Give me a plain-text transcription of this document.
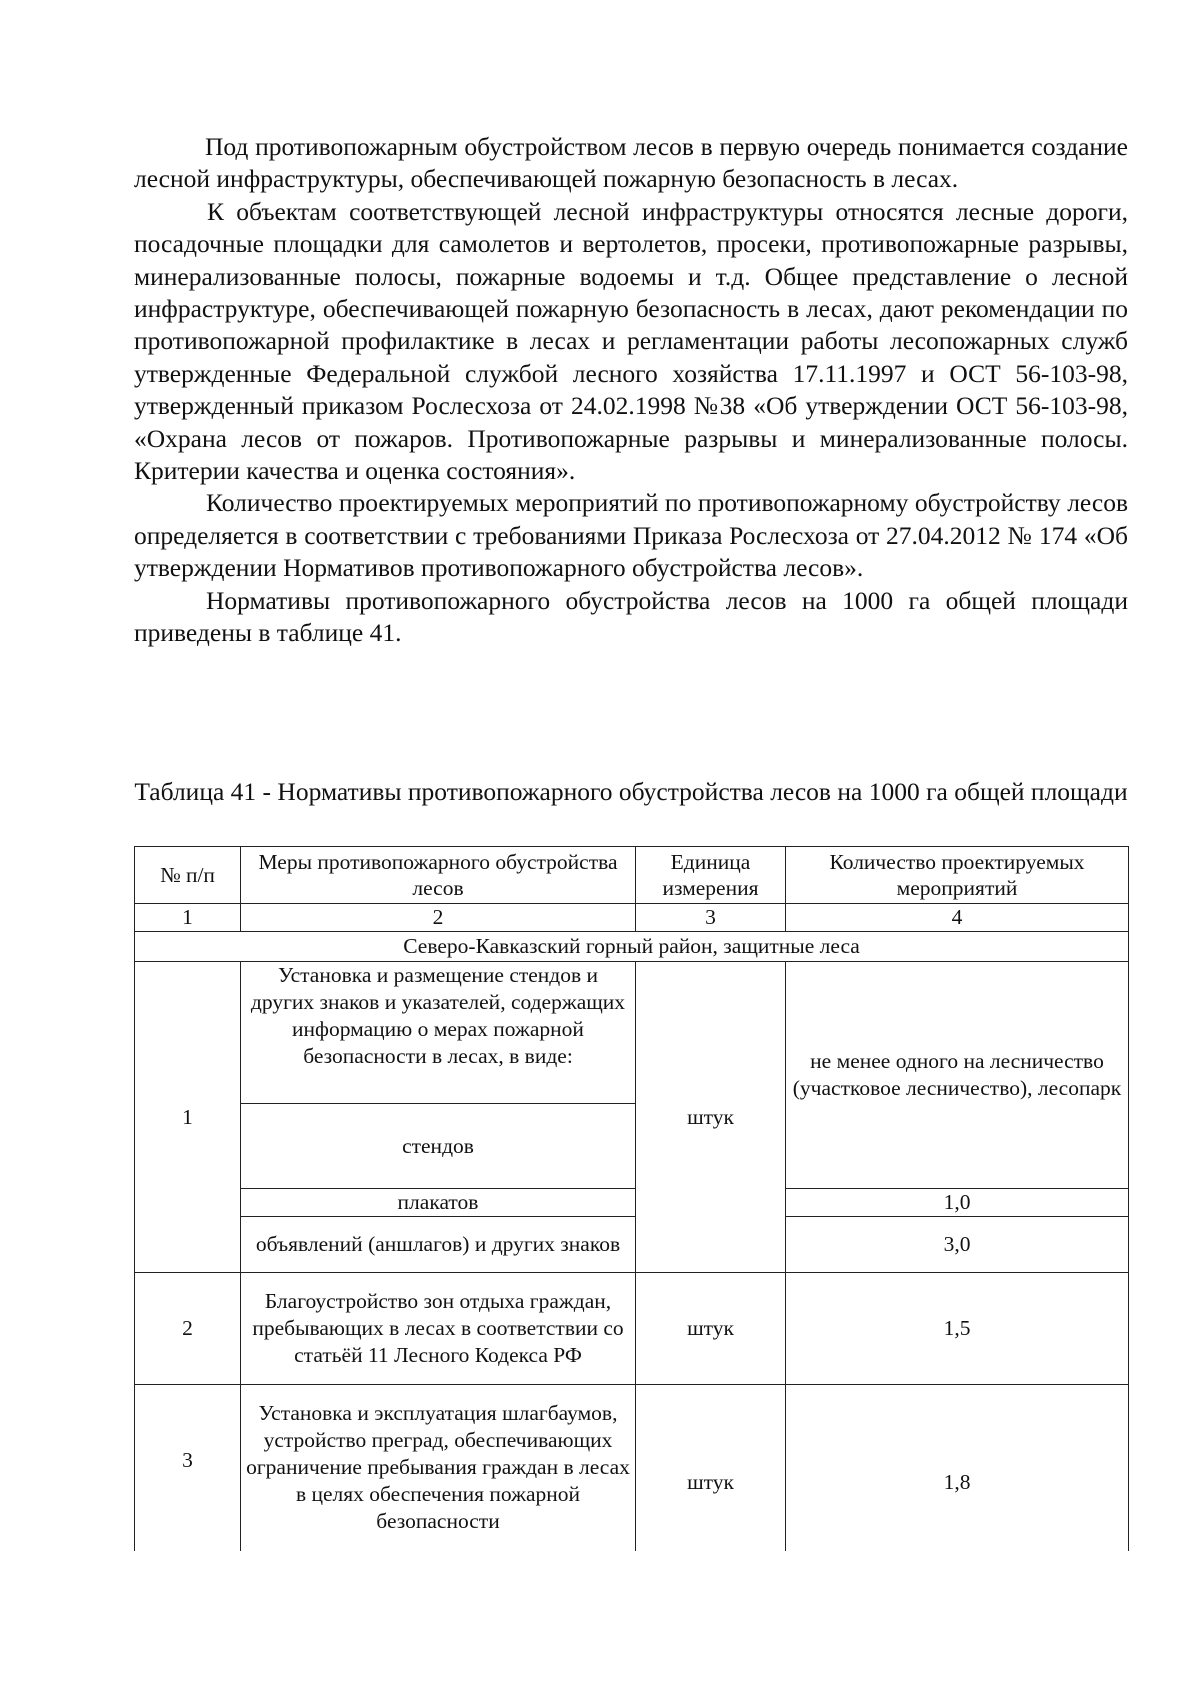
Под противопожарным обустройством лесов в первую очередь понимается создание лесной инфраструктуры, обеспечивающей пожарную безопасность в лесах.

К объектам соответствующей лесной инфраструктуры относятся лесные дороги, посадочные площадки для самолетов и вертолетов, просеки, противопожарные разрывы, минерализованные полосы, пожарные водоемы и т.д. Общее представление о лесной инфраструктуре, обеспечивающей пожарную безопасность в лесах, дают рекомендации по противопожарной профилактике в лесах и регламентации работы лесопожарных служб утвержденные Федеральной службой лесного хозяйства 17.11.1997 и ОСТ 56-103-98, утвержденный приказом Рослесхоза от 24.02.1998 №38 «Об утверждении ОСТ 56-103-98, «Охрана лесов от пожаров. Противопожарные разрывы и минерализованные полосы. Критерии качества и оценка состояния».

Количество проектируемых мероприятий по противопожарному обустройству лесов определяется в соответствии с требованиями Приказа Рослесхоза от 27.04.2012 № 174 «Об утверждении Нормативов противопожарного обустройства лесов».

Нормативы противопожарного обустройства лесов на 1000 га общей площади приведены в таблице 41.

Таблица 41 - Нормативы противопожарного обустройства лесов на 1000 га общей площади
№ п/п	Меры противопожарного обустройства лесов	Единица измерения	Количество проектируемых мероприятий
1	2	3	4
Северо-Кавказский горный район, защитные леса			
1	Установка и размещение стендов и других знаков и указателей, содержащих информацию о мерах пожарной безопасности в лесах, в виде:	штук	не менее одного на лесничество (участковое лесничество), лесопарк
	стендов		
	плакатов		1,0
	объявлений (аншлагов) и других знаков		3,0
2	Благоустройство зон отдыха граждан, пребывающих в лесах в соответствии со статьёй 11 Лесного Кодекса РФ	штук	1,5
3	Установка и эксплуатация шлагбаумов, устройство преград, обеспечивающих ограничение пребывания граждан в лесах в целях обеспечения пожарной безопасности	штук	1,8
